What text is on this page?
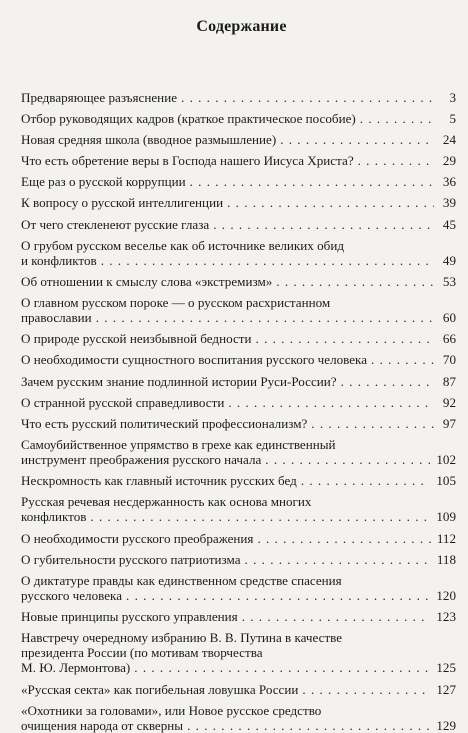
Содержание
Предваряющее разъяснение . . .	3
Отбор руководящих кадров (краткое практическое пособие) . . .	5
Новая средняя школа (вводное размышление) . . .	24
Что есть обретение веры в Господа нашего Иисуса Христа? . . .	29
Еще раз о русской коррупции . . .	36
К вопросу о русской интеллигенции . . .	39
От чего стекленеют русские глаза . . .	45
О грубом русском веселье как об источнике великих обид
и конфликтов . . .	49
Об отношении к смыслу слова «экстремизм» . . .	53
О главном русском пороке — о русском расхристанном
православии . . .	60
О природе русской неизбывной бедности . . .	66
О необходимости сущностного воспитания русского человека . . .	70
Зачем русским знание подлинной истории Руси-России? . . .	87
О странной русской справедливости . . .	92
Что есть русский политический профессионализм? . . .	97
Самоубийственное упрямство в грехе как единственный
инструмент преображения русского начала . . .	102
Нескромность как главный источник русских бед . . .	105
Русская речевая несдержанность как основа многих
конфликтов . . .	109
О необходимости русского преображения . . .	112
О губительности русского патриотизма . . .	118
О диктатуре правды как единственном средстве спасения
русского человека . . .	120
Новые принципы русского управления . . .	123
Навстречу очередному избранию В. В. Путина в качестве
президента России (по мотивам творчества
М. Ю. Лермонтова) . . .	125
«Русская секта» как погибельная ловушка России . . .	127
«Охотники за головами», или Новое русское средство
очищения народа от скверны . . .	129
